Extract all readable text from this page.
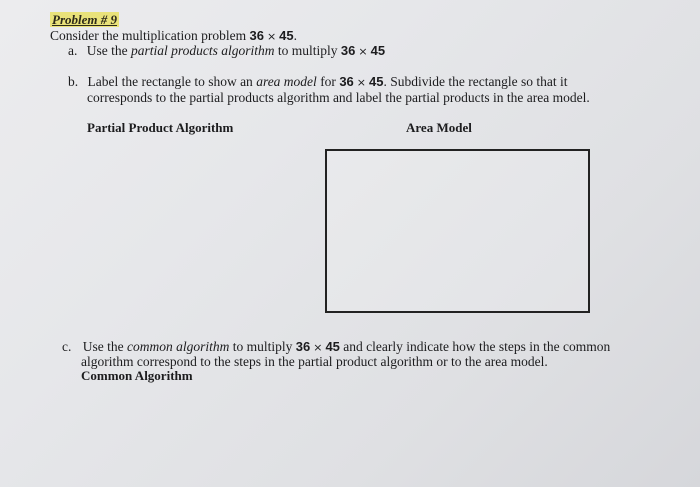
Problem # 9
Consider the multiplication problem 36 × 45.
a. Use the partial products algorithm to multiply 36 × 45
b. Label the rectangle to show an area model for 36 × 45. Subdivide the rectangle so that it
corresponds to the partial products algorithm and label the partial products in the area model.
Partial Product Algorithm	Area Model
c. Use the common algorithm to multiply 36 × 45 and clearly indicate how the steps in the common
algorithm correspond to the steps in the partial product algorithm or to the area model.
Common Algorithm
